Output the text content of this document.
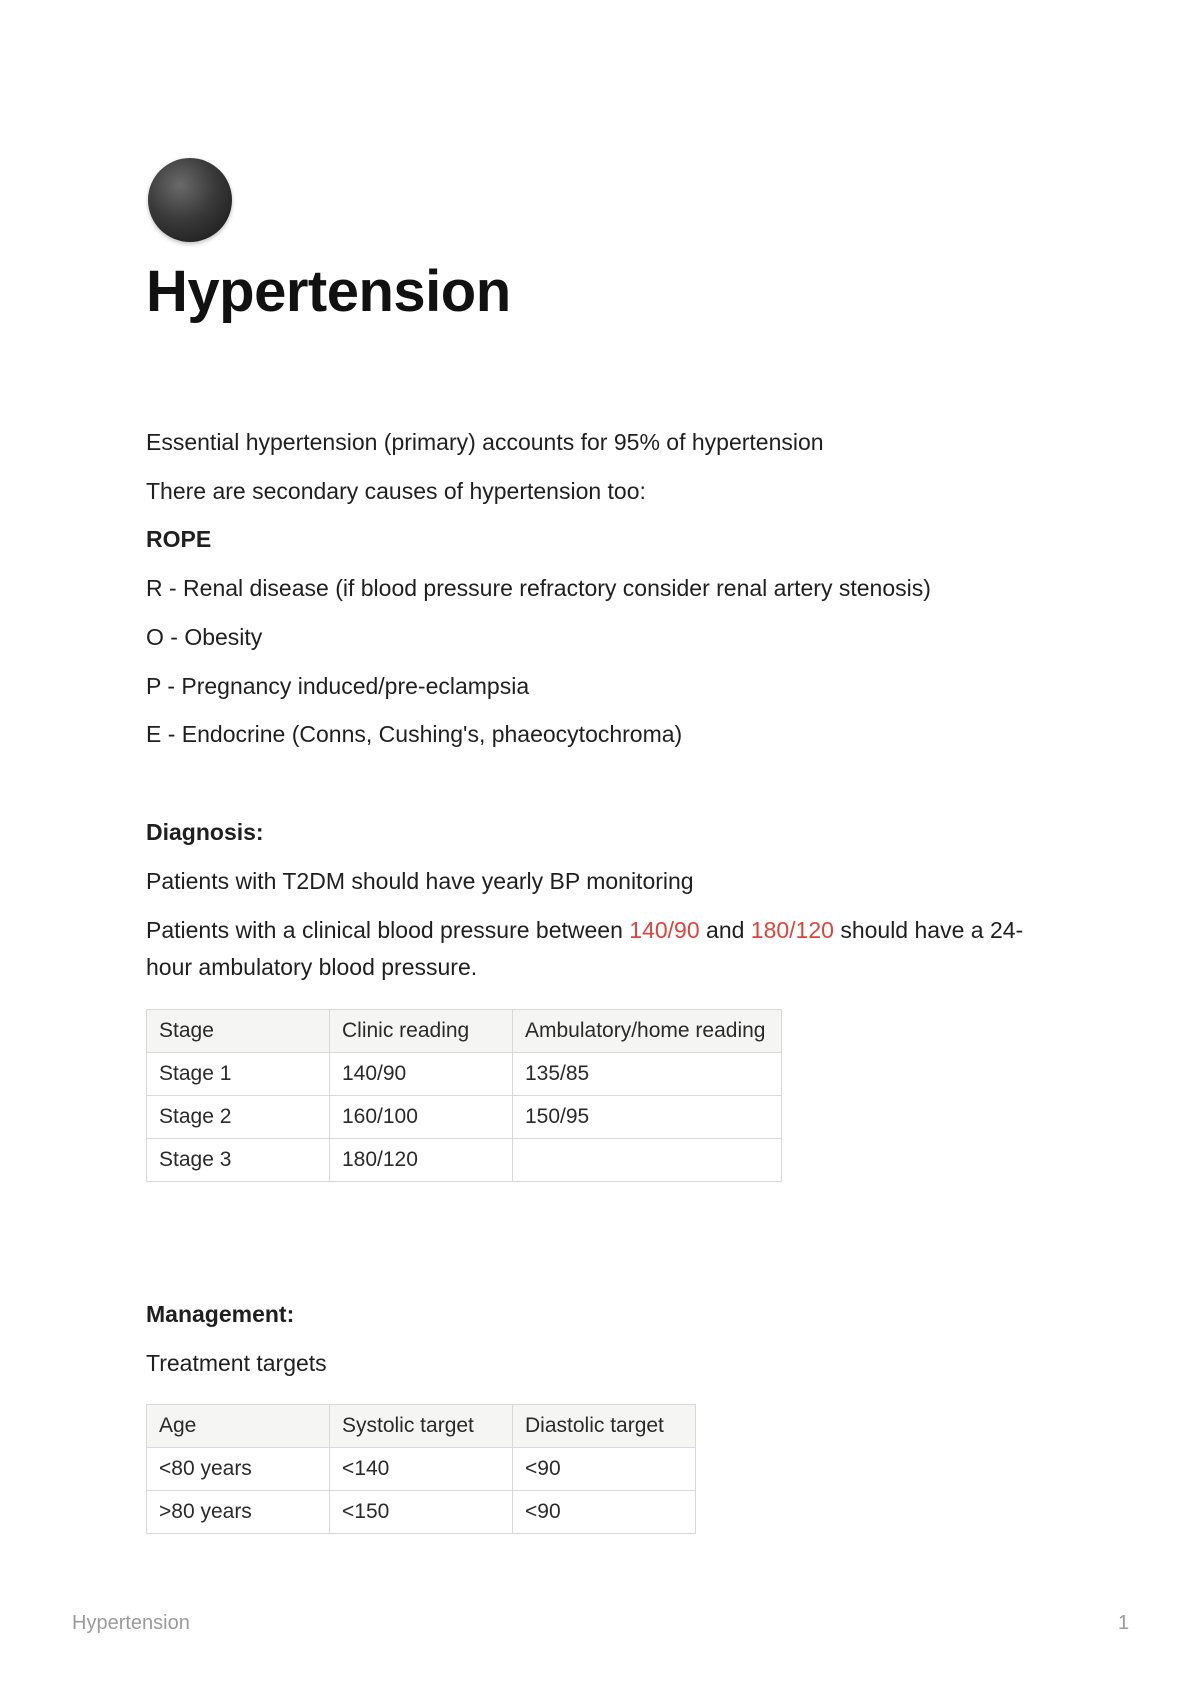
Hypertension

Essential hypertension (primary) accounts for 95% of hypertension

There are secondary causes of hypertension too:

ROPE

R - Renal disease (if blood pressure refractory consider renal artery stenosis)

O - Obesity

P - Pregnancy induced/pre-eclampsia

E - Endocrine (Conns, Cushing's, phaeocytochroma)

Diagnosis:

Patients with T2DM should have yearly BP monitoring

Patients with a clinical blood pressure between 140/90 and 180/120 should have a 24-hour ambulatory blood pressure.

Stage	Clinic reading	Ambulatory/home reading
Stage 1	140/90	135/85
Stage 2	160/100	150/95
Stage 3	180/120	

Management:

Treatment targets

Age	Systolic target	Diastolic target
<80 years	<140	<90
>80 years	<150	<90
Hypertension	1
